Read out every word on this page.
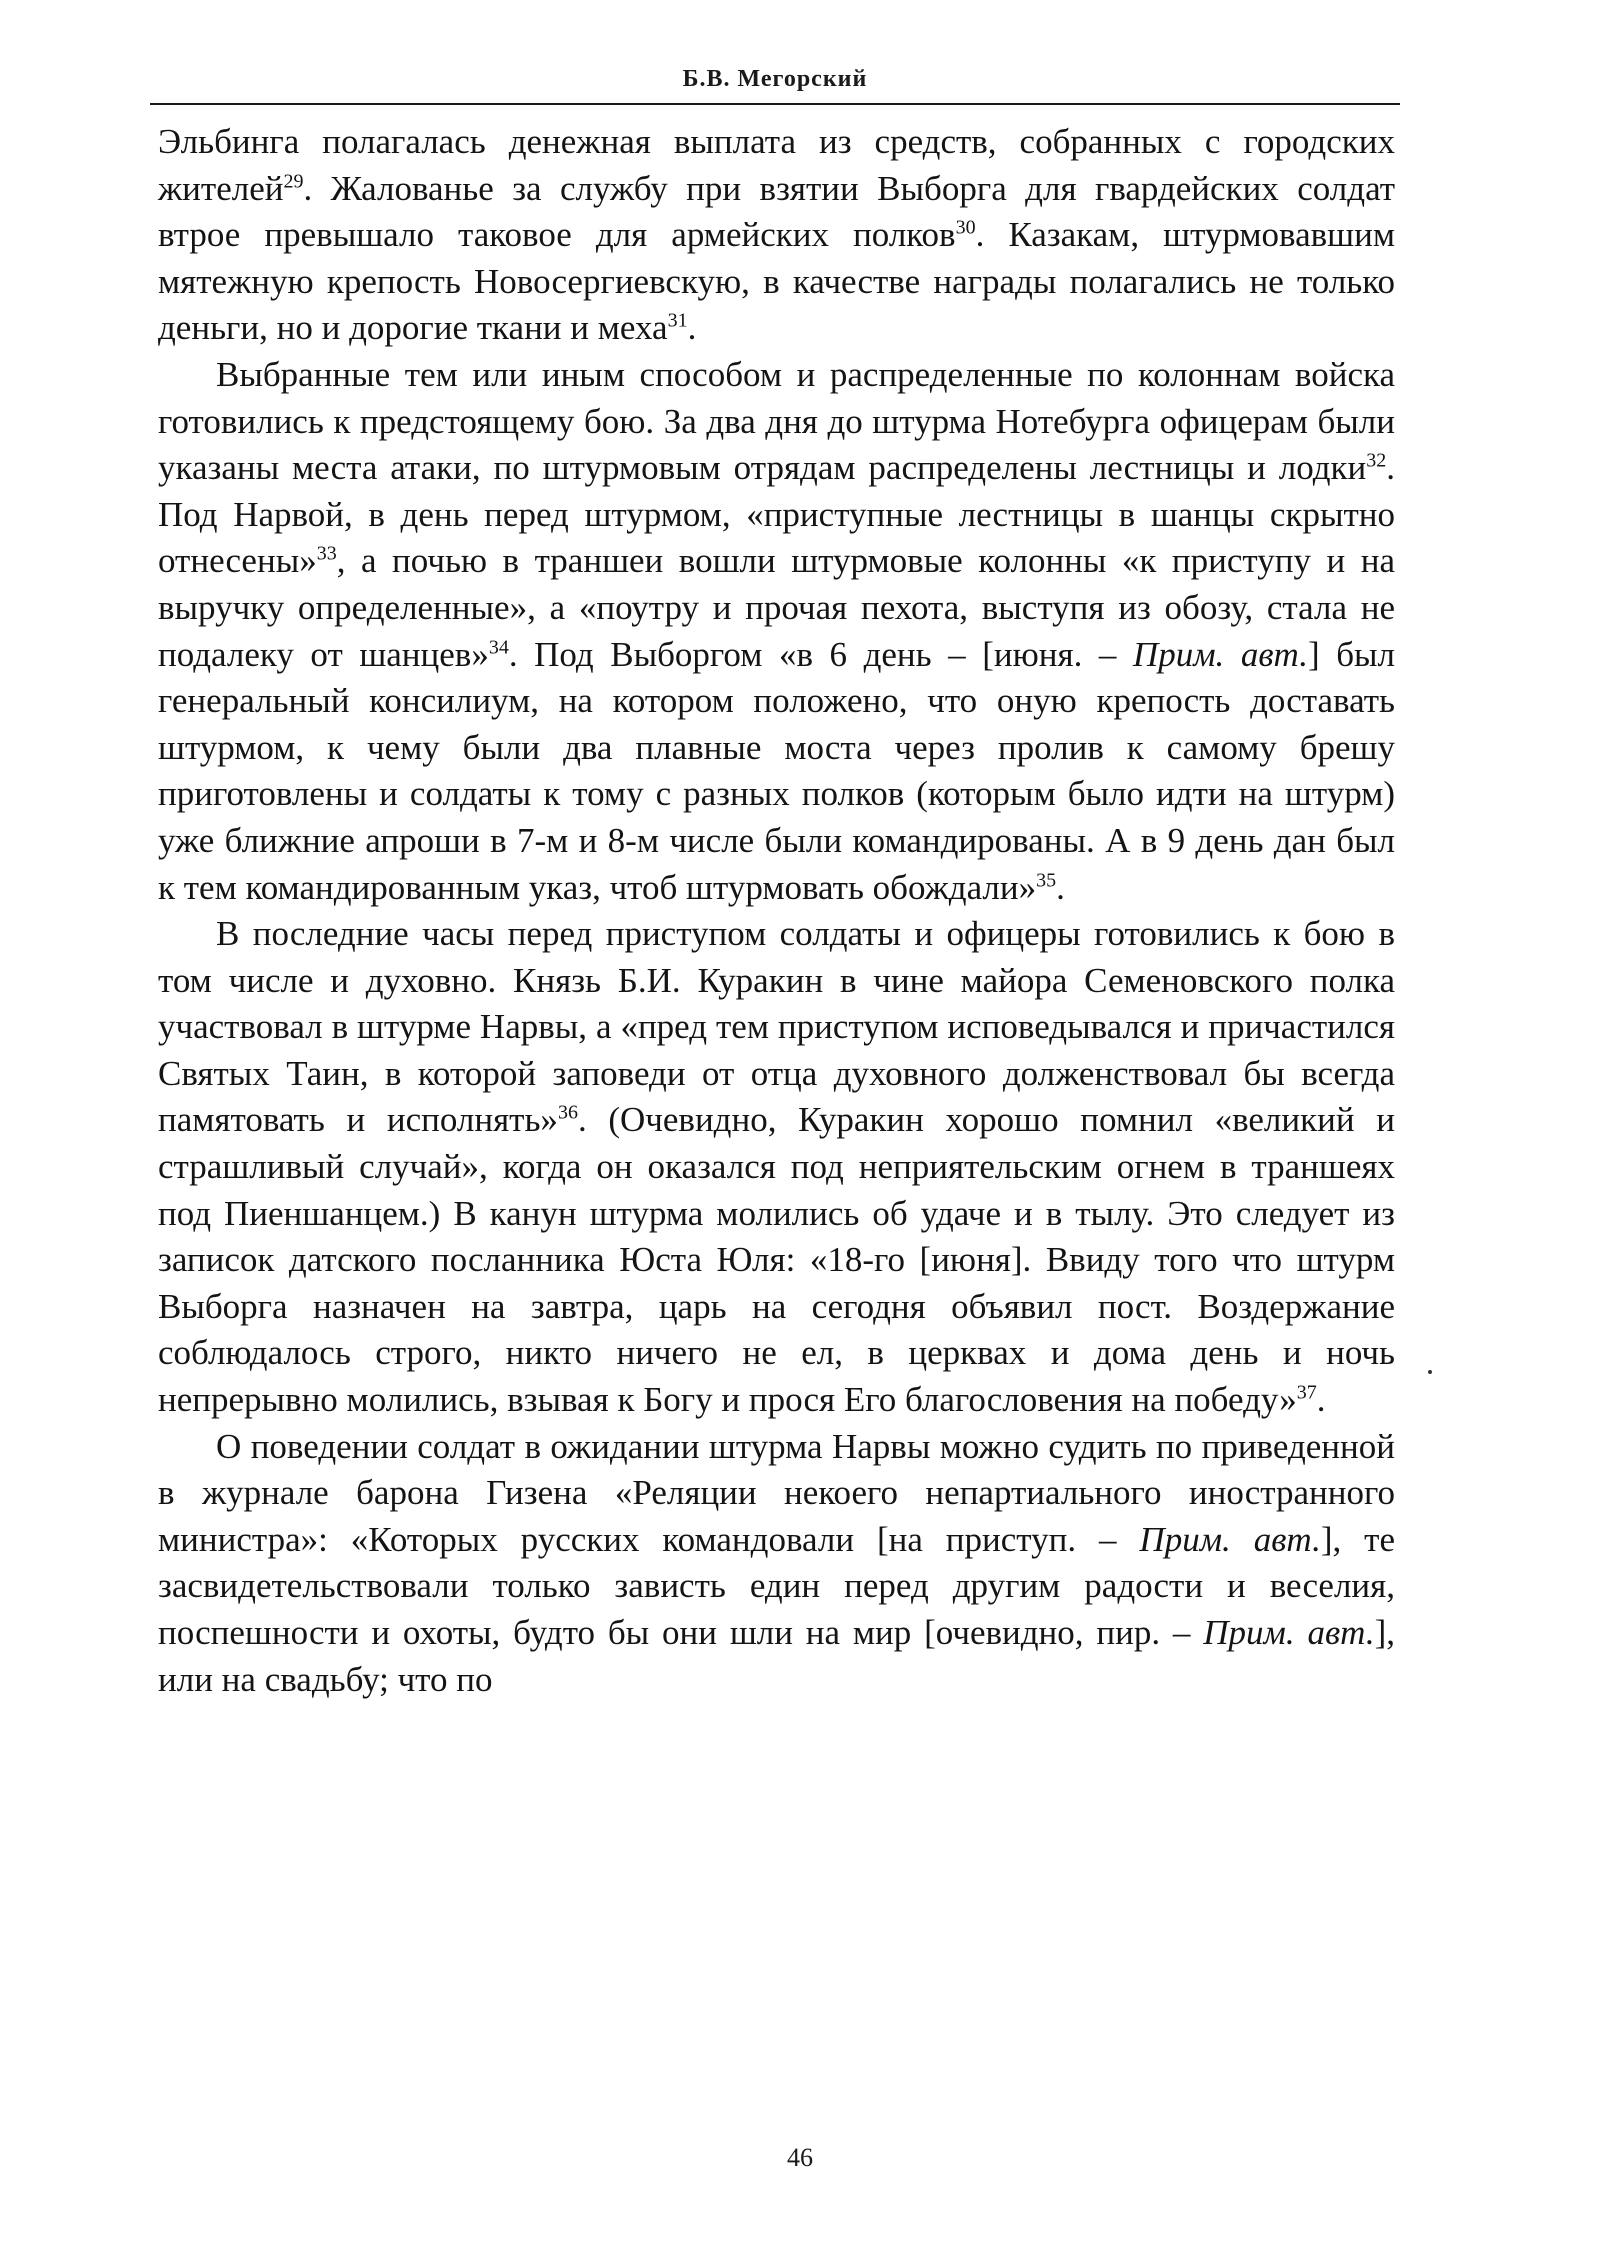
Б.В. Мегорский

Эльбинга полагалась денежная выплата из средств, собранных с городских жителей$^{29}$. Жалованье за службу при взятии Выборга для гвардейских солдат втрое превышало таковое для армейских полков$^{30}$. Казакам, штурмовавшим мятежную крепость Новосергиевскую, в качестве награды полагались не только деньги, но и дорогие ткани и меха$^{31}$.

Выбранные тем или иным способом и распределенные по колоннам войска готовились к предстоящему бою. За два дня до штурма Нотебурга офицерам были указаны места атаки, по штурмовым отрядам распределены лестницы и лодки$^{32}$. Под Нарвой, в день перед штурмом, «приступные лестницы в шанцы скрытно отнесены»$^{33}$, а почью в траншеи вошли штурмовые колонны «к приступу и на выручку определенные», а «поутру и прочая пехота, выступя из обозу, стала не подалеку от шанцев»$^{34}$. Под Выборгом «в 6 день – [июня. – Прим. авт.] был генеральный консилиум, на котором положено, что оную крепость доставать штурмом, к чему были два плавные моста через пролив к самому брешу приготовлены и солдаты к тому с разных полков (которым было идти на штурм) уже ближние апроши в 7-м и 8-м числе были командированы. А в 9 день дан был к тем командированным указ, чтоб штурмовать обождали»$^{35}$.

В последние часы перед приступом солдаты и офицеры готовились к бою в том числе и духовно. Князь Б.И. Куракин в чине майора Семеновского полка участвовал в штурме Нарвы, а «пред тем приступом исповедывался и причастился Святых Таин, в которой заповеди от отца духовного долженствовал бы всегда памятовать и исполнять»$^{36}$. (Очевидно, Куракин хорошо помнил «великий и страшливый случай», когда он оказался под неприятельским огнем в траншеях под Пиеншанцем.) В канун штурма молились об удаче и в тылу. Это следует из записок датского посланника Юста Юля: «18-го [июня]. Ввиду того что штурм Выборга назначен на завтра, царь на сегодня объявил пост. Воздержание соблюдалось строго, никто ничего не ел, в церквах и дома день и ночь непрерывно молились, взывая к Богу и прося Его благословения на победу»$^{37}$.

О поведении солдат в ожидании штурма Нарвы можно судить по приведенной в журнале барона Гизена «Реляции некоего непартиального иностранного министра»: «Которых русских командовали [на приступ. – Прим. авт.], те засвидетельствовали только зависть един перед другим радости и веселия, поспешности и охоты, будто бы они шли на мир [очевидно, пир. – Прим. авт.], или на свадьбу; что по

46
